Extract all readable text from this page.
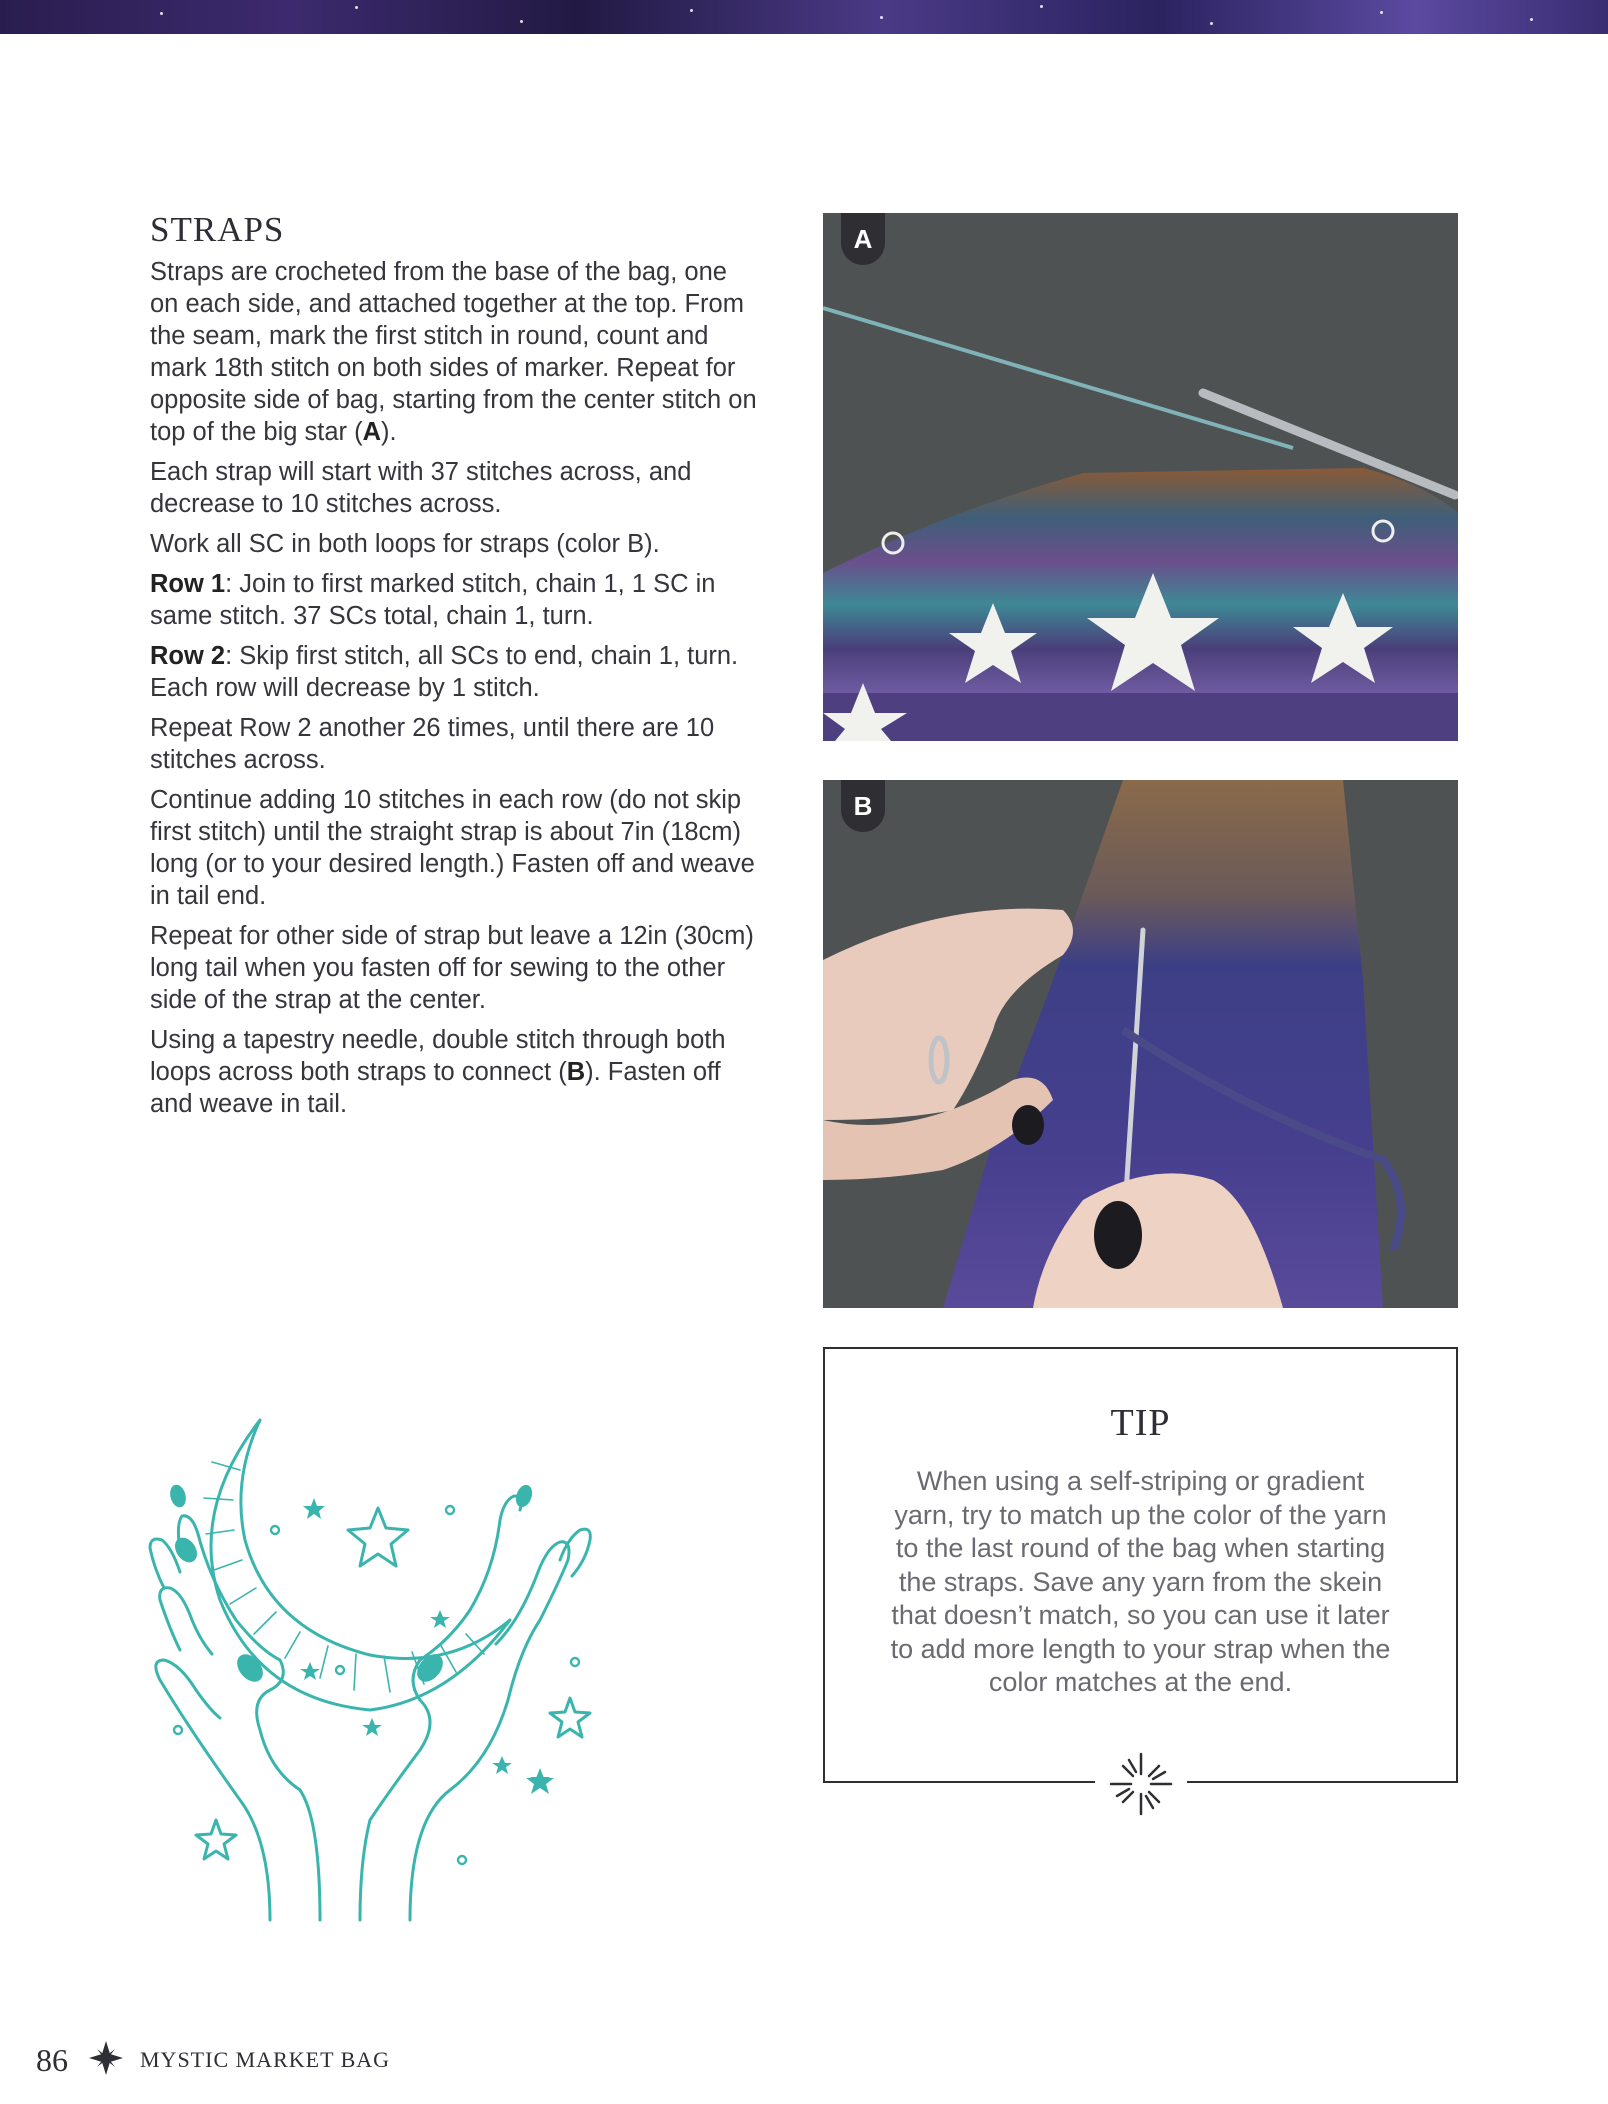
STRAPS

Straps are crocheted from the base of the bag, one on each side, and attached together at the top. From the seam, mark the first stitch in round, count and mark 18th stitch on both sides of marker. Repeat for opposite side of bag, starting from the center stitch on top of the big star (A).

Each strap will start with 37 stitches across, and decrease to 10 stitches across.

Work all SC in both loops for straps (color B).

Row 1: Join to first marked stitch, chain 1, 1 SC in same stitch. 37 SCs total, chain 1, turn.

Row 2: Skip first stitch, all SCs to end, chain 1, turn. Each row will decrease by 1 stitch.

Repeat Row 2 another 26 times, until there are 10 stitches across.

Continue adding 10 stitches in each row (do not skip first stitch) until the straight strap is about 7in (18cm) long (or to your desired length.) Fasten off and weave in tail end.

Repeat for other side of strap but leave a 12in (30cm) long tail when you fasten off for sewing to the other side of the strap at the center.

Using a tapestry needle, double stitch through both loops across both straps to connect (B). Fasten off and weave in tail.

A
B
TIP
When using a self-striping or gradient yarn, try to match up the color of the yarn to the last round of the bag when starting the straps. Save any yarn from the skein that doesn’t match, so you can use it later to add more length to your strap when the color matches at the end.
86	MYSTIC MARKET BAG
